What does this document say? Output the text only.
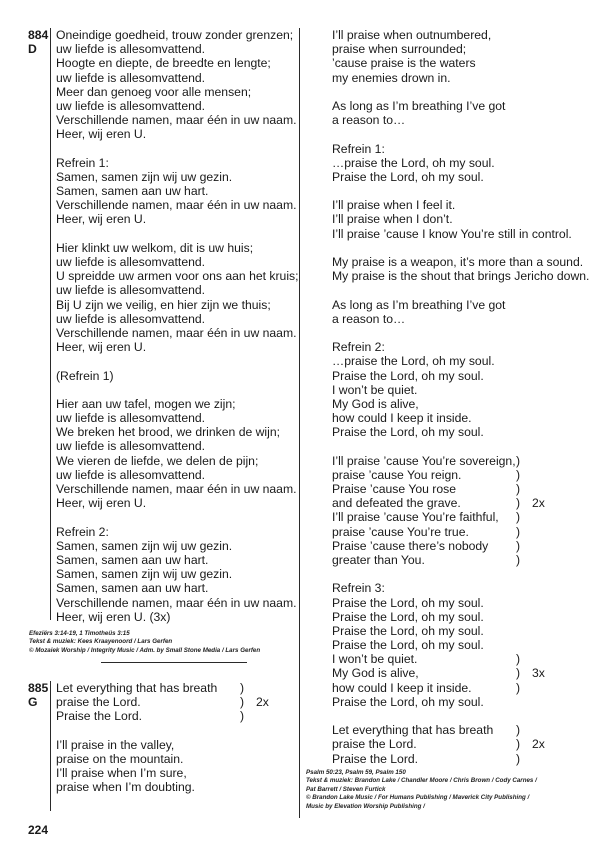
884
D
Oneindige goedheid, trouw zonder grenzen;
uw liefde is allesomvattend.
Hoogte en diepte, de breedte en lengte;
uw liefde is allesomvattend.
Meer dan genoeg voor alle mensen;
uw liefde is allesomvattend.
Verschillende namen, maar één in uw naam.
Heer, wij eren U.
Refrein 1:
Samen, samen zijn wij uw gezin.
Samen, samen aan uw hart.
Verschillende namen, maar één in uw naam.
Heer, wij eren U.
Hier klinkt uw welkom, dit is uw huis;
uw liefde is allesomvattend.
U spreidde uw armen voor ons aan het kruis;
uw liefde is allesomvattend.
Bij U zijn we veilig, en hier zijn we thuis;
uw liefde is allesomvattend.
Verschillende namen, maar één in uw naam.
Heer, wij eren U.
(Refrein 1)
Hier aan uw tafel, mogen we zijn;
uw liefde is allesomvattend.
We breken het brood, we drinken de wijn;
uw liefde is allesomvattend.
We vieren de liefde, we delen de pijn;
uw liefde is allesomvattend.
Verschillende namen, maar één in uw naam.
Heer, wij eren U.
Refrein 2:
Samen, samen zijn wij uw gezin.
Samen, samen aan uw hart.
Samen, samen zijn wij uw gezin.
Samen, samen aan uw hart.
Verschillende namen, maar één in uw naam.
Heer, wij eren U. (3x)
Efeziërs 3:14-19, 1 Timotheüs 3:15
Tekst & muziek: Kees Kraayenoord / Lars Gerfen
© Mozaiek Worship / Integrity Music / Adm. by Small Stone Media / Lars Gerfen
885
G
Let everything that has breath	)
praise the Lord.	) 2x
Praise the Lord.	)
I’ll praise in the valley,
praise on the mountain.
I’ll praise when I’m sure,
praise when I’m doubting.
I’ll praise when outnumbered,
praise when surrounded;
’cause praise is the waters
my enemies drown in.
As long as I’m breathing I’ve got
a reason to…
Refrein 1:
…praise the Lord, oh my soul.
Praise the Lord, oh my soul.
I’ll praise when I feel it.
I’ll praise when I don’t.
I’ll praise ’cause I know You’re still in control.
My praise is a weapon, it’s more than a sound.
My praise is the shout that brings Jericho down.
As long as I’m breathing I’ve got
a reason to…
Refrein 2:
…praise the Lord, oh my soul.
Praise the Lord, oh my soul.
I won’t be quiet.
My God is alive,
how could I keep it inside.
Praise the Lord, oh my soul.
I’ll praise ’cause You’re sovereign, )
praise ’cause You reign.	)
Praise ’cause You rose	)
and defeated the grave.	) 2x
I’ll praise ’cause You’re faithful,	)
praise ’cause You’re true.	)
Praise ’cause there’s nobody	)
greater than You.	)
Refrein 3:
Praise the Lord, oh my soul.
Praise the Lord, oh my soul.
Praise the Lord, oh my soul.
Praise the Lord, oh my soul.
I won’t be quiet.	)
My God is alive,	) 3x
how could I keep it inside.	)
Praise the Lord, oh my soul.
Let everything that has breath	)
praise the Lord.	) 2x
Praise the Lord.	)
Psalm 50:23, Psalm 59, Psalm 150
Tekst & muziek: Brandon Lake / Chandler Moore / Chris Brown / Cody Carnes /
Pat Barrett / Steven Furtick
© Brandon Lake Music / For Humans Publishing / Maverick City Publishing /
Music by Elevation Worship Publishing /
224
